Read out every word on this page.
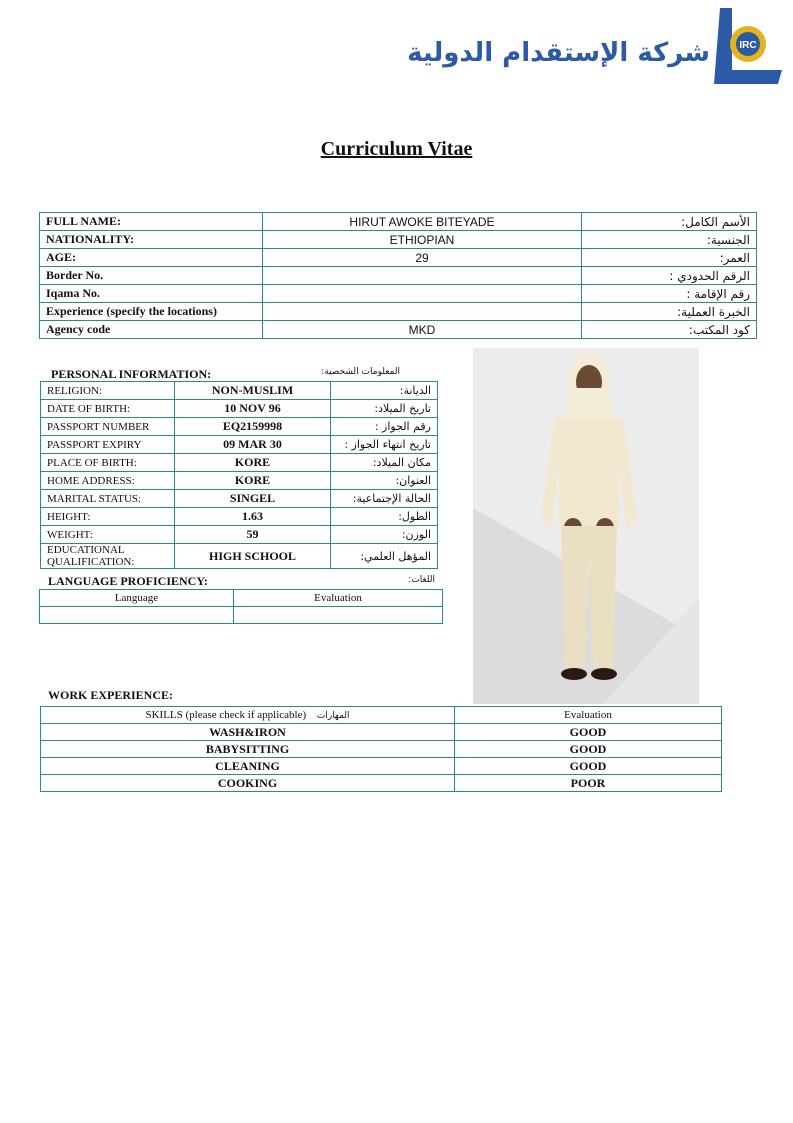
شركة الإستقدام الدولية	IRC
Curriculum Vitae
FULL NAME:	HIRUT AWOKE BITEYADE	الأسم الكامل:
NATIONALITY:	ETHIOPIAN	الجنسية:
AGE:	29	العمر:
Border No.		الرقم الحدودي :
Iqama No.		رقم الإقامة :
Experience (specify the locations)		الخبرة العملية:
Agency code	MKD	كود المكتب:
PERSONAL INFORMATION:	المعلومات الشخصية:
RELIGION:	NON-MUSLIM	الديانة:
DATE OF BIRTH:	10 NOV 96	تاريخ الميلاد:
PASSPORT NUMBER	EQ2159998	رقم الجواز :
PASSPORT EXPIRY	09 MAR 30	تاريخ انتهاء الجواز :
PLACE OF BIRTH:	KORE	مكان الميلاد:
HOME ADDRESS:	KORE	العنوان:
MARITAL STATUS:	SINGEL	الحالة الإجتماعية:
HEIGHT:	1.63	الطول:
WEIGHT:	59	الوزن:
EDUCATIONAL QUALIFICATION:	HIGH SCHOOL	المؤهل العلمي:
LANGUAGE PROFICIENCY:	اللغات:
Language	Evaluation

WORK EXPERIENCE:
SKILLS (please check if applicable) المهارات	Evaluation
WASH&IRON	GOOD
BABYSITTING	GOOD
CLEANING	GOOD
COOKING	POOR
